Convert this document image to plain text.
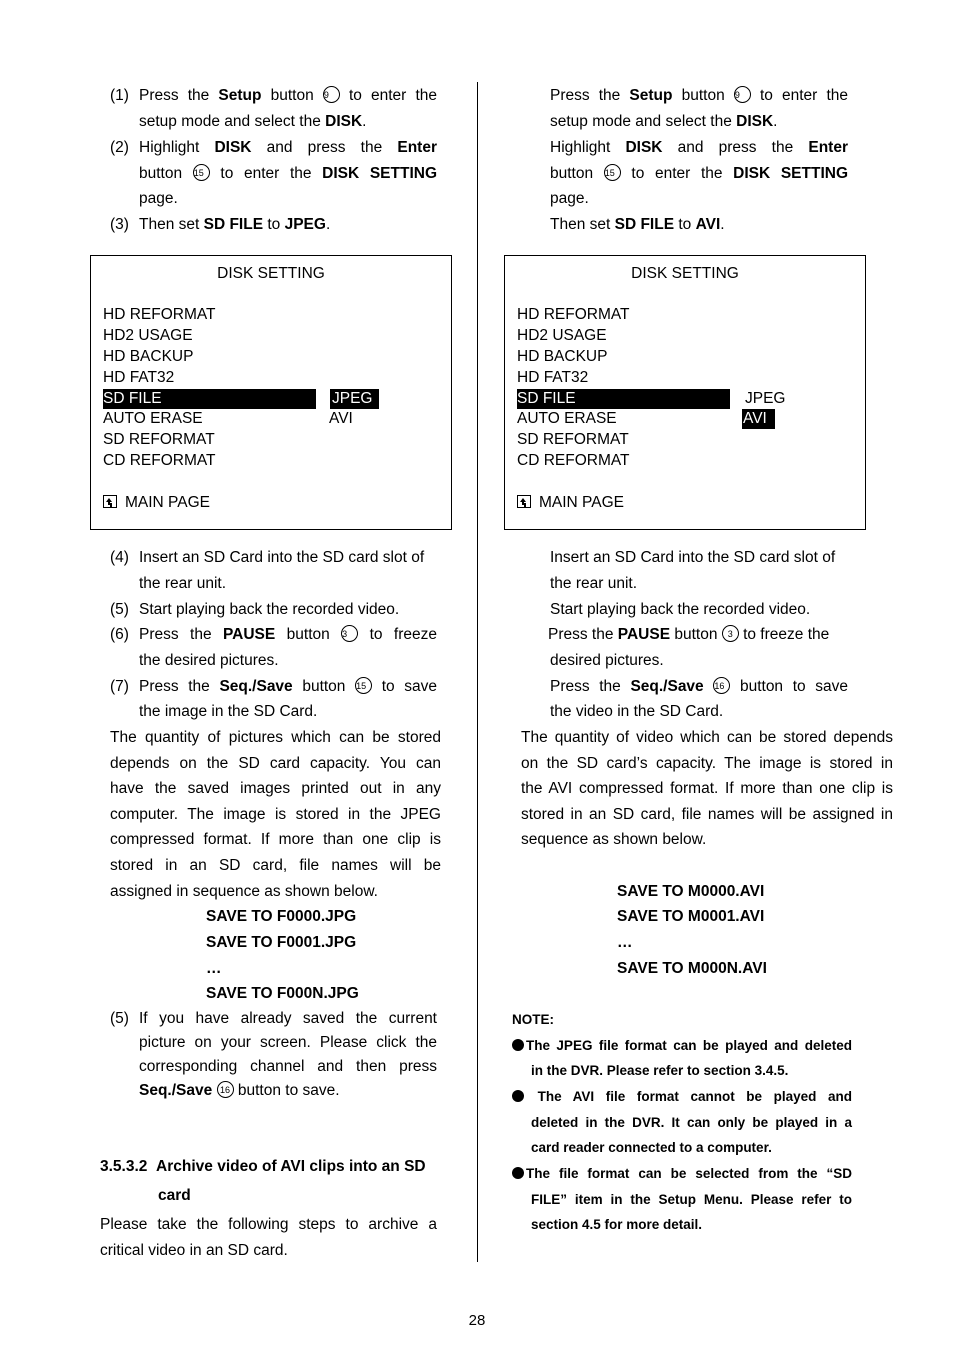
(1) Press the Setup button 9 to enter the
setup mode and select the DISK.
(2) Highlight DISK and press the Enter
button 15 to enter the DISK SETTING
page.
(3) Then set SD FILE to JPEG.
DISK SETTING
HD REFORMAT
HD2 USAGE
HD BACKUP
HD FAT32
SD FILE	JPEG
AUTO ERASE	AVI
SD REFORMAT
CD REFORMAT
MAIN PAGE
(4) Insert an SD Card into the SD card slot of
the rear unit.
(5) Start playing back the recorded video.
(6) Press the PAUSE button 3 to freeze
the desired pictures.
(7) Press the Seq./Save button 15 to save
the image in the SD Card.
The quantity of pictures which can be stored
depends on the SD card capacity. You can
have the saved images printed out in any
computer. The image is stored in the JPEG
compressed format. If more than one clip is
stored in an SD card, file names will be
assigned in sequence as shown below.
SAVE TO F0000.JPG
SAVE TO F0001.JPG
…
SAVE TO F000N.JPG
(5) If you have already saved the current
picture on your screen. Please click the
corresponding channel and then press
Seq./Save 16 button to save.
3.5.3.2 Archive video of AVI clips into an SD
card
Please take the following steps to archive a
critical video in an SD card.
Press the Setup button 9 to enter the
setup mode and select the DISK.
Highlight DISK and press the Enter
button 15 to enter the DISK SETTING
page.
Then set SD FILE to AVI.
DISK SETTING
HD REFORMAT
HD2 USAGE
HD BACKUP
HD FAT32
SD FILE	JPEG
AUTO ERASE	AVI
SD REFORMAT
CD REFORMAT
MAIN PAGE
Insert an SD Card into the SD card slot of
the rear unit.
Start playing back the recorded video.
Press the PAUSE button 3 to freeze the
desired pictures.
Press the Seq./Save 16 button to save
the video in the SD Card.
The quantity of video which can be stored depends
on the SD card’s capacity. The image is stored in
the AVI compressed format. If more than one clip is
stored in an SD card, file names will be assigned in
sequence as shown below.
SAVE TO M0000.AVI
SAVE TO M0001.AVI
…
SAVE TO M000N.AVI
NOTE:
The JPEG file format can be played and deleted
in the DVR. Please refer to section 3.4.5.
The AVI file format cannot be played and
deleted in the DVR. It can only be played in a
card reader connected to a computer.
The file format can be selected from the “SD
FILE” item in the Setup Menu. Please refer to
section 4.5 for more detail.
28
